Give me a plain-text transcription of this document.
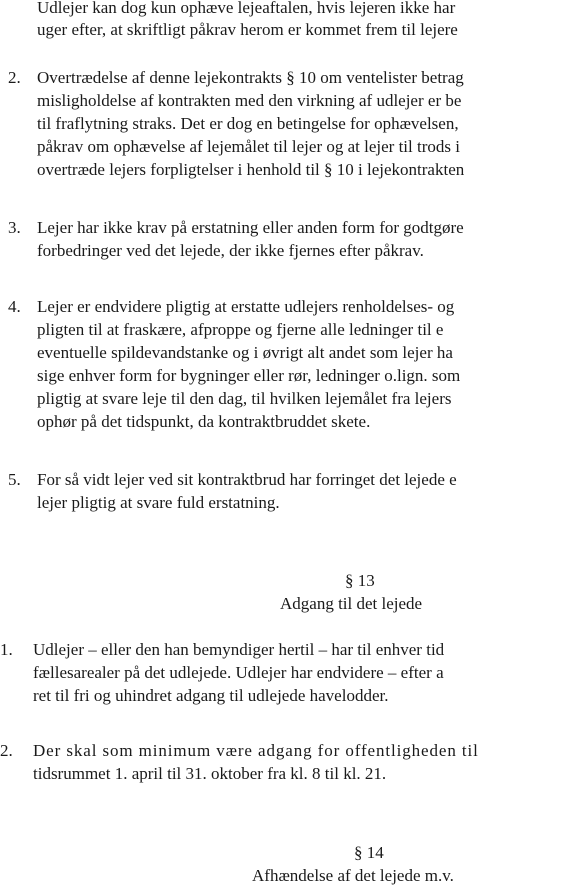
Udlejer kan dog kun ophæve lejeaftalen, hvis lejeren ikke har
uger efter, at skriftligt påkrav herom er kommet frem til lejere
2. Overtrædelse af denne lejekontrakts § 10 om ventelister betrag
misligholdelse af kontrakten med den virkning af udlejer er be
til fraflytning straks. Det er dog en betingelse for ophævelsen,
påkrav om ophævelse af lejemålet til lejer og at lejer til trods i
overtræde lejers forpligtelser i henhold til § 10 i lejekontrakten
3. Lejer har ikke krav på erstatning eller anden form for godtgøre
forbedringer ved det lejede, der ikke fjernes efter påkrav.
4. Lejer er endvidere pligtig at erstatte udlejers renholdelses- og
pligten til at fraskære, afproppe og fjerne alle ledninger til e
eventuelle spildevandstanke og i øvrigt alt andet som lejer ha
sige enhver form for bygninger eller rør, ledninger o.lign. som
pligtig at svare leje til den dag, til hvilken lejemålet fra lejers
ophør på det tidspunkt, da kontraktbruddet skete.
5. For så vidt lejer ved sit kontraktbrud har forringet det lejede e
lejer pligtig at svare fuld erstatning.
§ 13
Adgang til det lejede
1. Udlejer – eller den han bemyndiger hertil – har til enhver tid
fællesarealer på det udlejede. Udlejer har endvidere – efter a
ret til fri og uhindret adgang til udlejede havelodder.
2. Der skal som minimum være adgang for offentligheden til
tidsrummet 1. april til 31. oktober fra kl. 8 til kl. 21.
§ 14
Afhændelse af det lejede m.v.
